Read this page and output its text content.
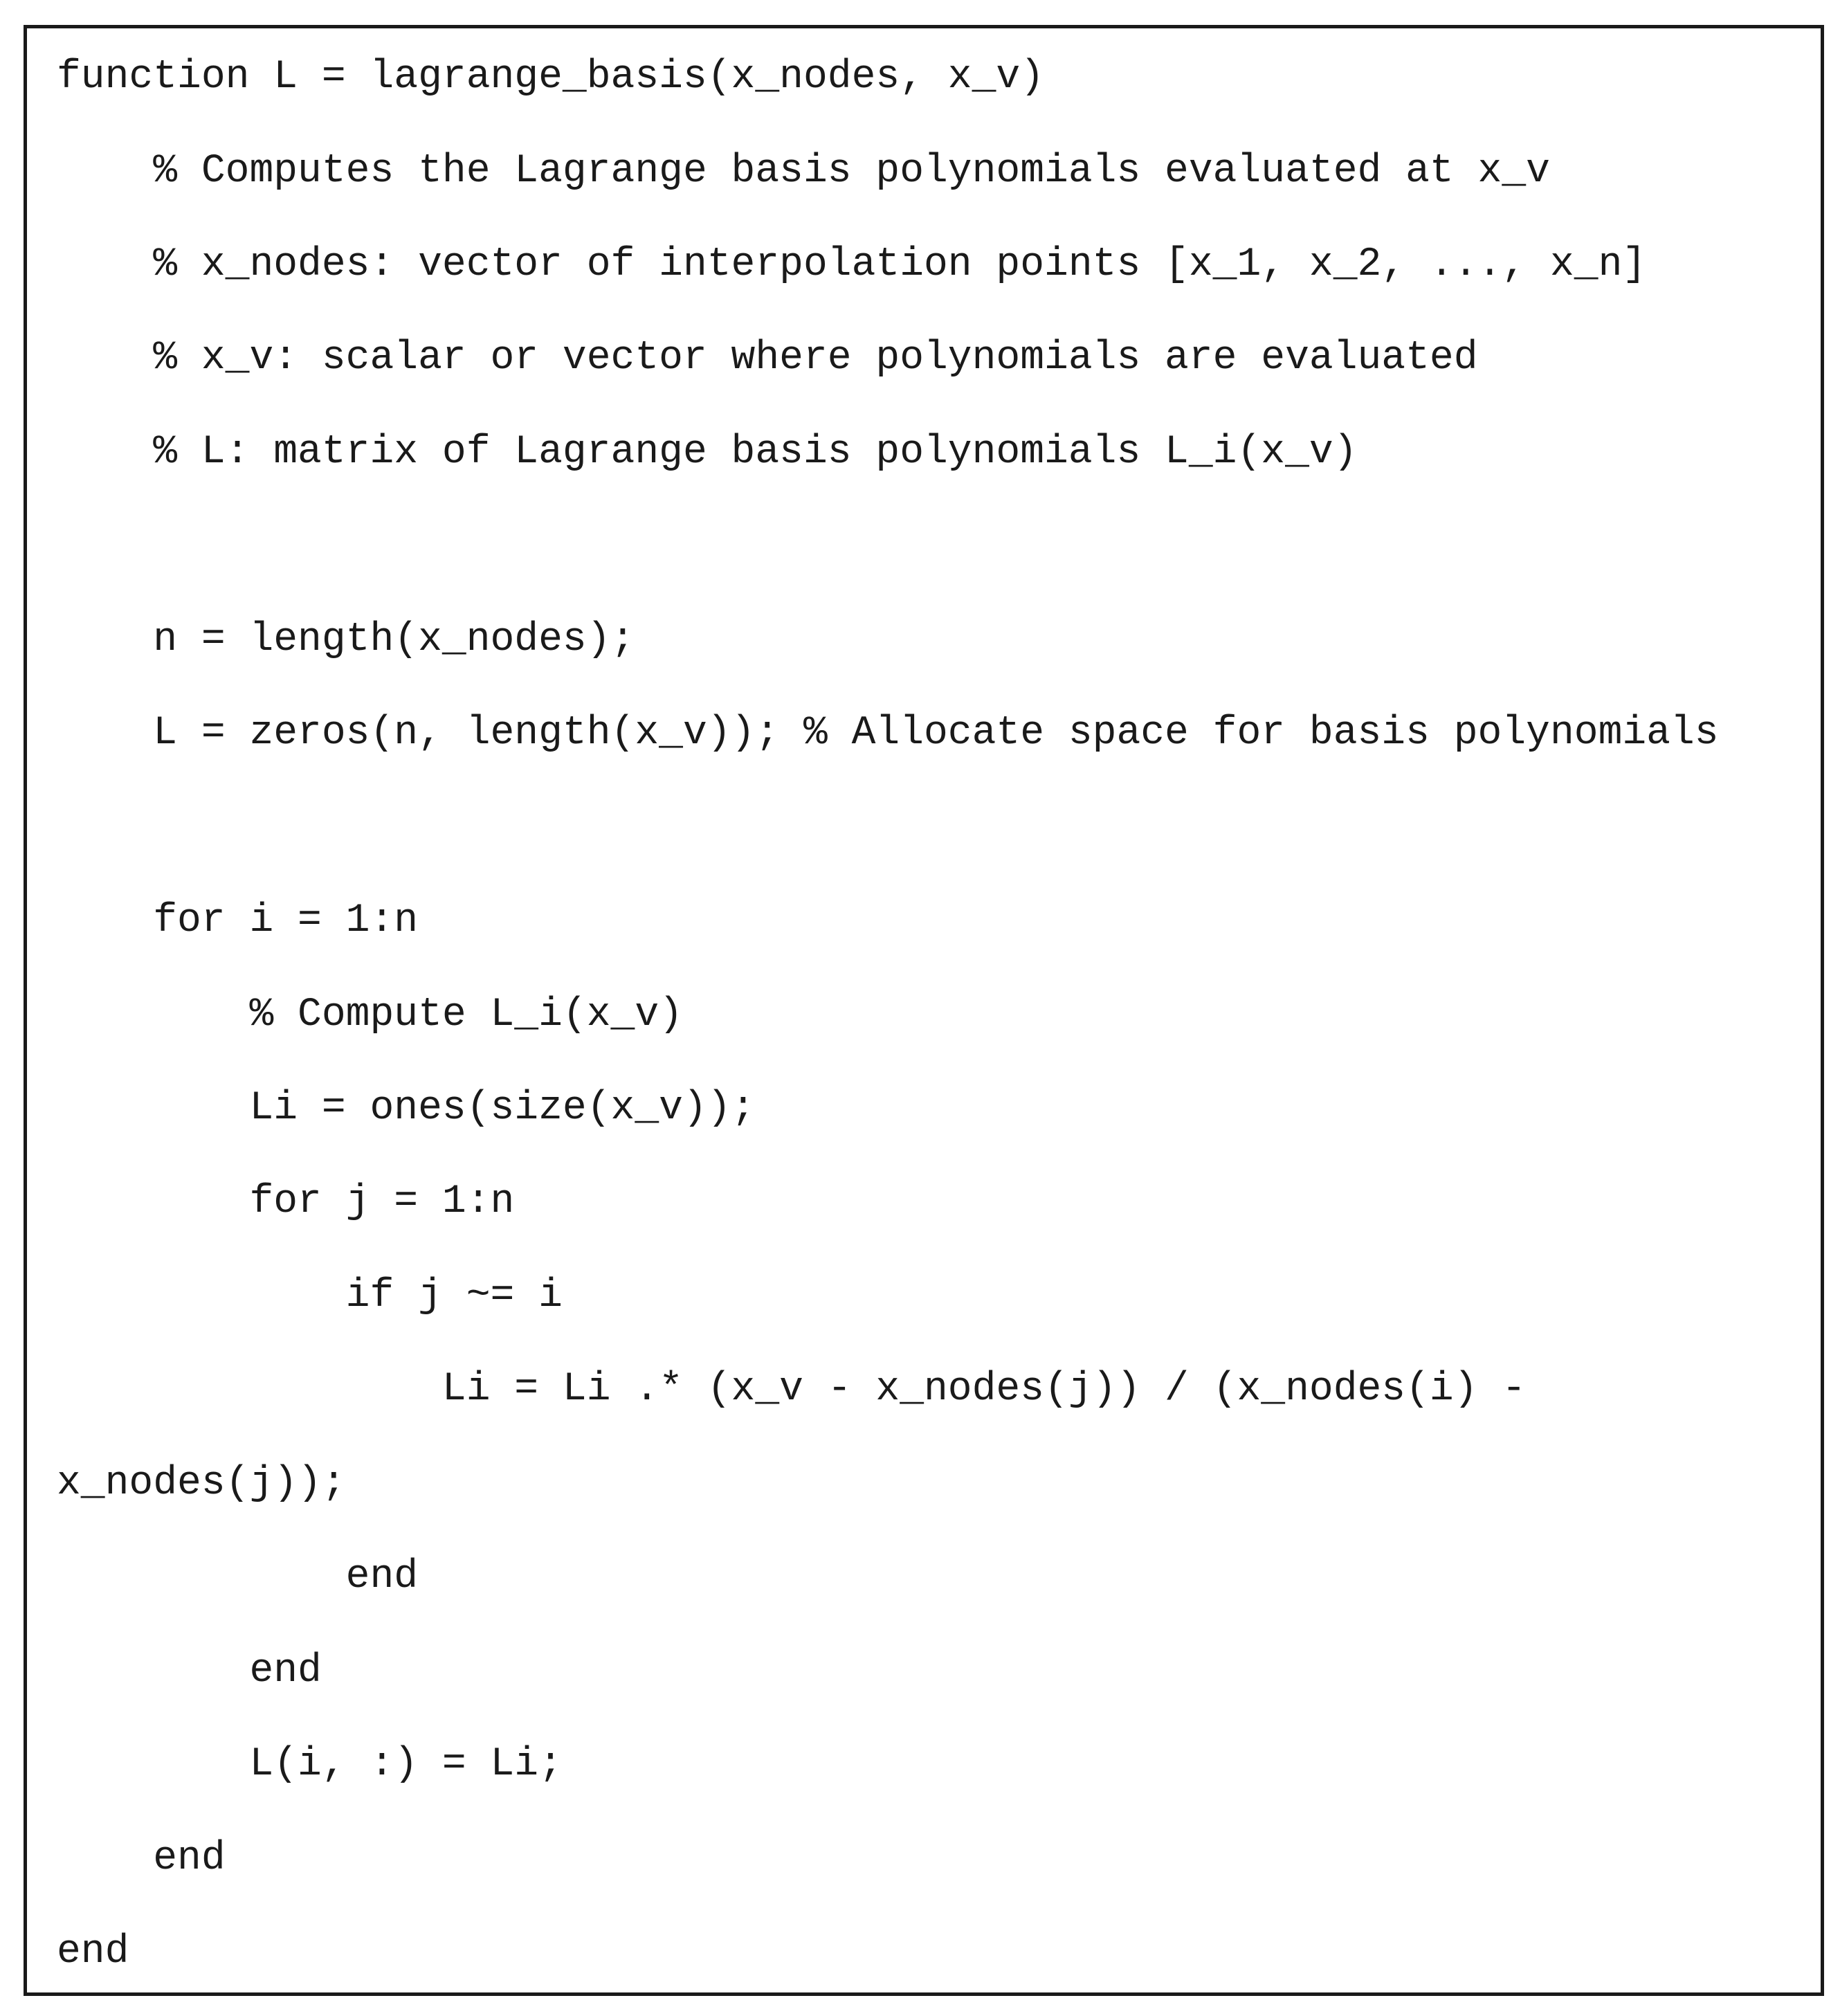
function L = lagrange_basis(x_nodes, x_v)
% Computes the Lagrange basis polynomials evaluated at x_v
% x_nodes: vector of interpolation points [x_1, x_2, ..., x_n]
% x_v: scalar or vector where polynomials are evaluated
% L: matrix of Lagrange basis polynomials L_i(x_v)
n = length(x_nodes);
L = zeros(n, length(x_v)); % Allocate space for basis polynomials
for i = 1:n
% Compute L_i(x_v)
Li = ones(size(x_v));
for j = 1:n
if j ~= i
Li = Li .* (x_v - x_nodes(j)) / (x_nodes(i) -
x_nodes(j));
end
end
L(i, :) = Li;
end
end
